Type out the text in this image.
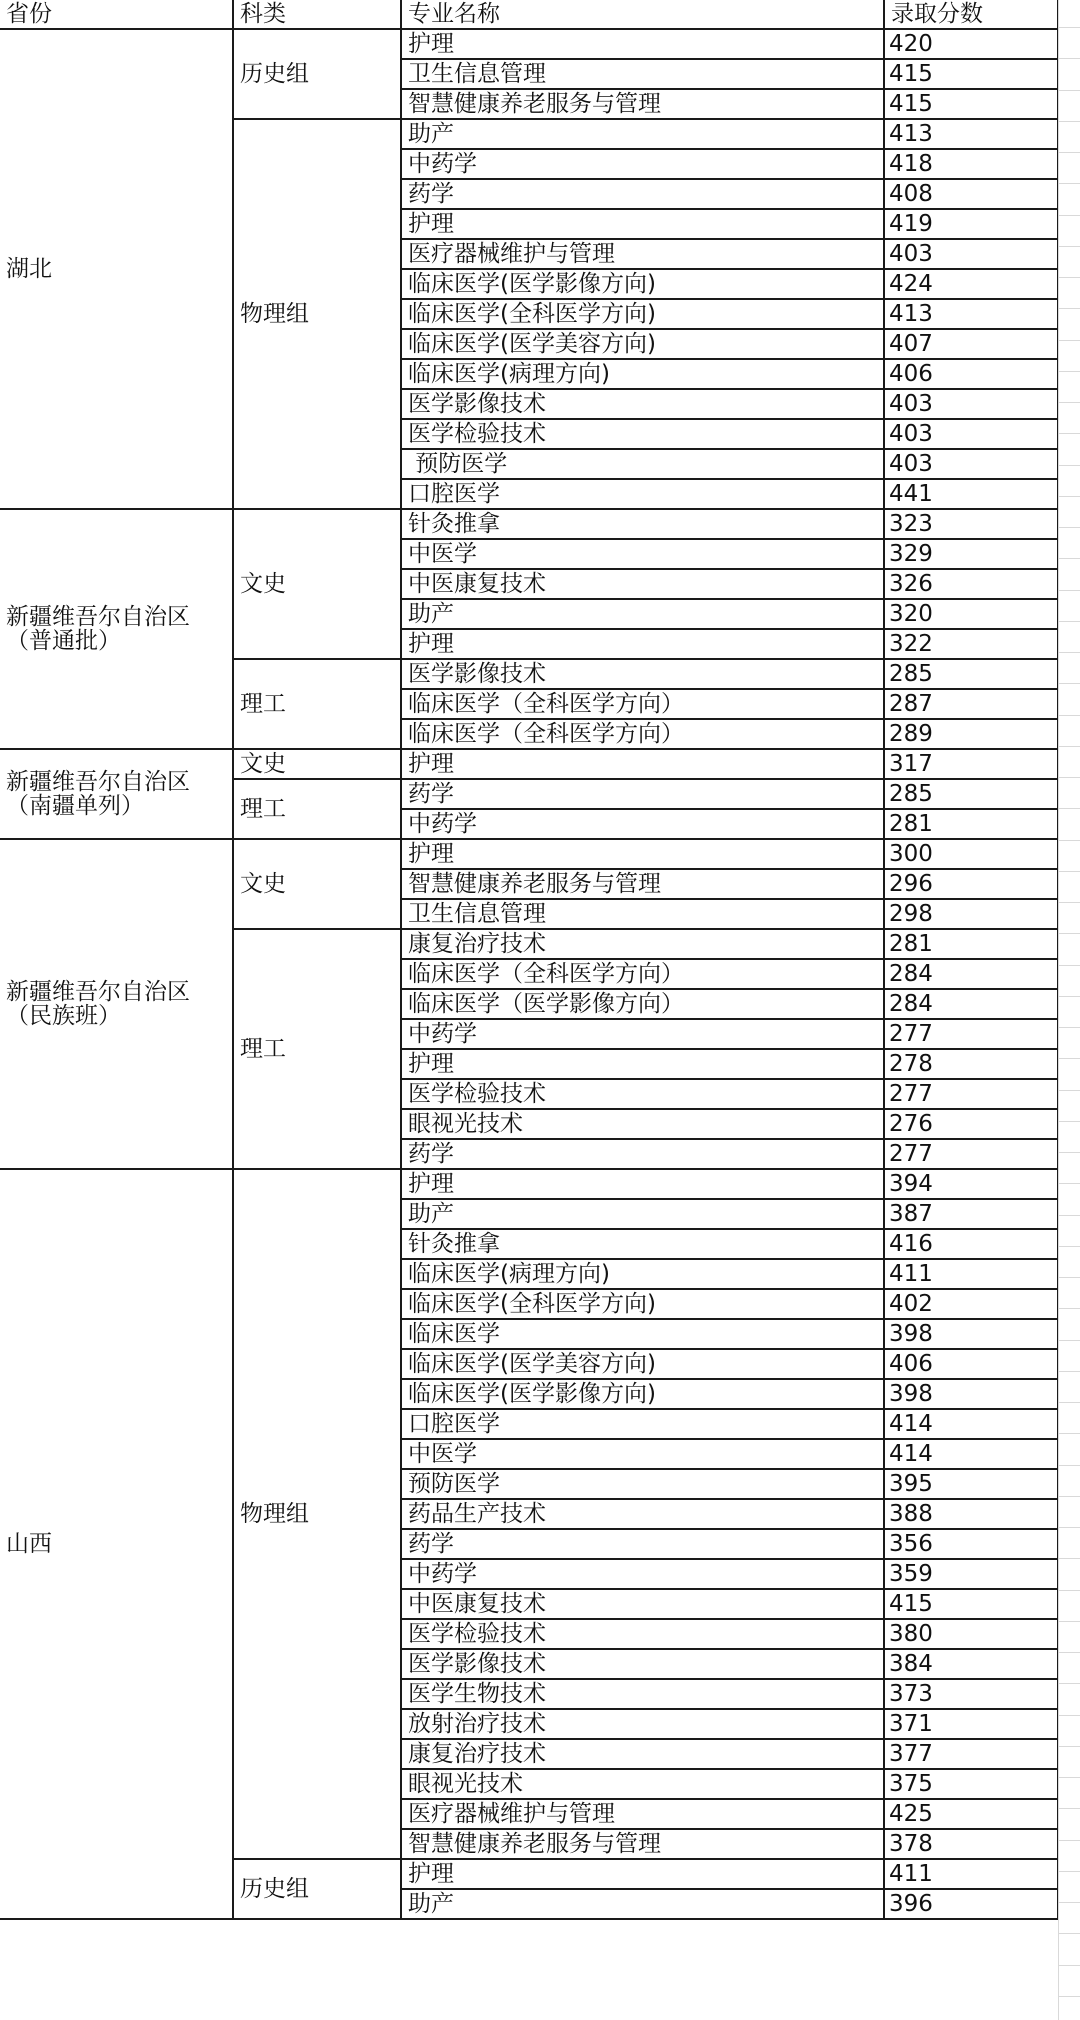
省份	科类	专业名称	录取分数

湖北	历史组	护理	420
		卫生信息管理	415
		智慧健康养老服务与管理	415
	物理组	助产	413
		中药学	418
		药学	408
		护理	419
		医疗器械维护与管理	403
		临床医学(医学影像方向)	424
		临床医学(全科医学方向)	413
		临床医学(医学美容方向)	407
		临床医学(病理方向)	406
		医学影像技术	403
		医学检验技术	403
		预防医学	403
		口腔医学	441

新疆维吾尔自治区
（普通批）	文史	针灸推拿	323
		中医学	329
		中医康复技术	326
		助产	320
		护理	322
	理工	医学影像技术	285
		临床医学（全科医学方向）	287
		临床医学（全科医学方向）	289

新疆维吾尔自治区
（南疆单列）	文史	护理	317
	理工	药学	285
		中药学	281

新疆维吾尔自治区
（民族班）	文史	护理	300
		智慧健康养老服务与管理	296
		卫生信息管理	298
	理工	康复治疗技术	281
		临床医学（全科医学方向）	284
		临床医学（医学影像方向）	284
		中药学	277
		护理	278
		医学检验技术	277
		眼视光技术	276
		药学	277

山西	物理组	护理	394
		助产	387
		针灸推拿	416
		临床医学(病理方向)	411
		临床医学(全科医学方向)	402
		临床医学	398
		临床医学(医学美容方向)	406
		临床医学(医学影像方向)	398
		口腔医学	414
		中医学	414
		预防医学	395
		药品生产技术	388
		药学	356
		中药学	359
		中医康复技术	415
		医学检验技术	380
		医学影像技术	384
		医学生物技术	373
		放射治疗技术	371
		康复治疗技术	377
		眼视光技术	375
		医疗器械维护与管理	425
		智慧健康养老服务与管理	378
	历史组	护理	411
		助产	396
